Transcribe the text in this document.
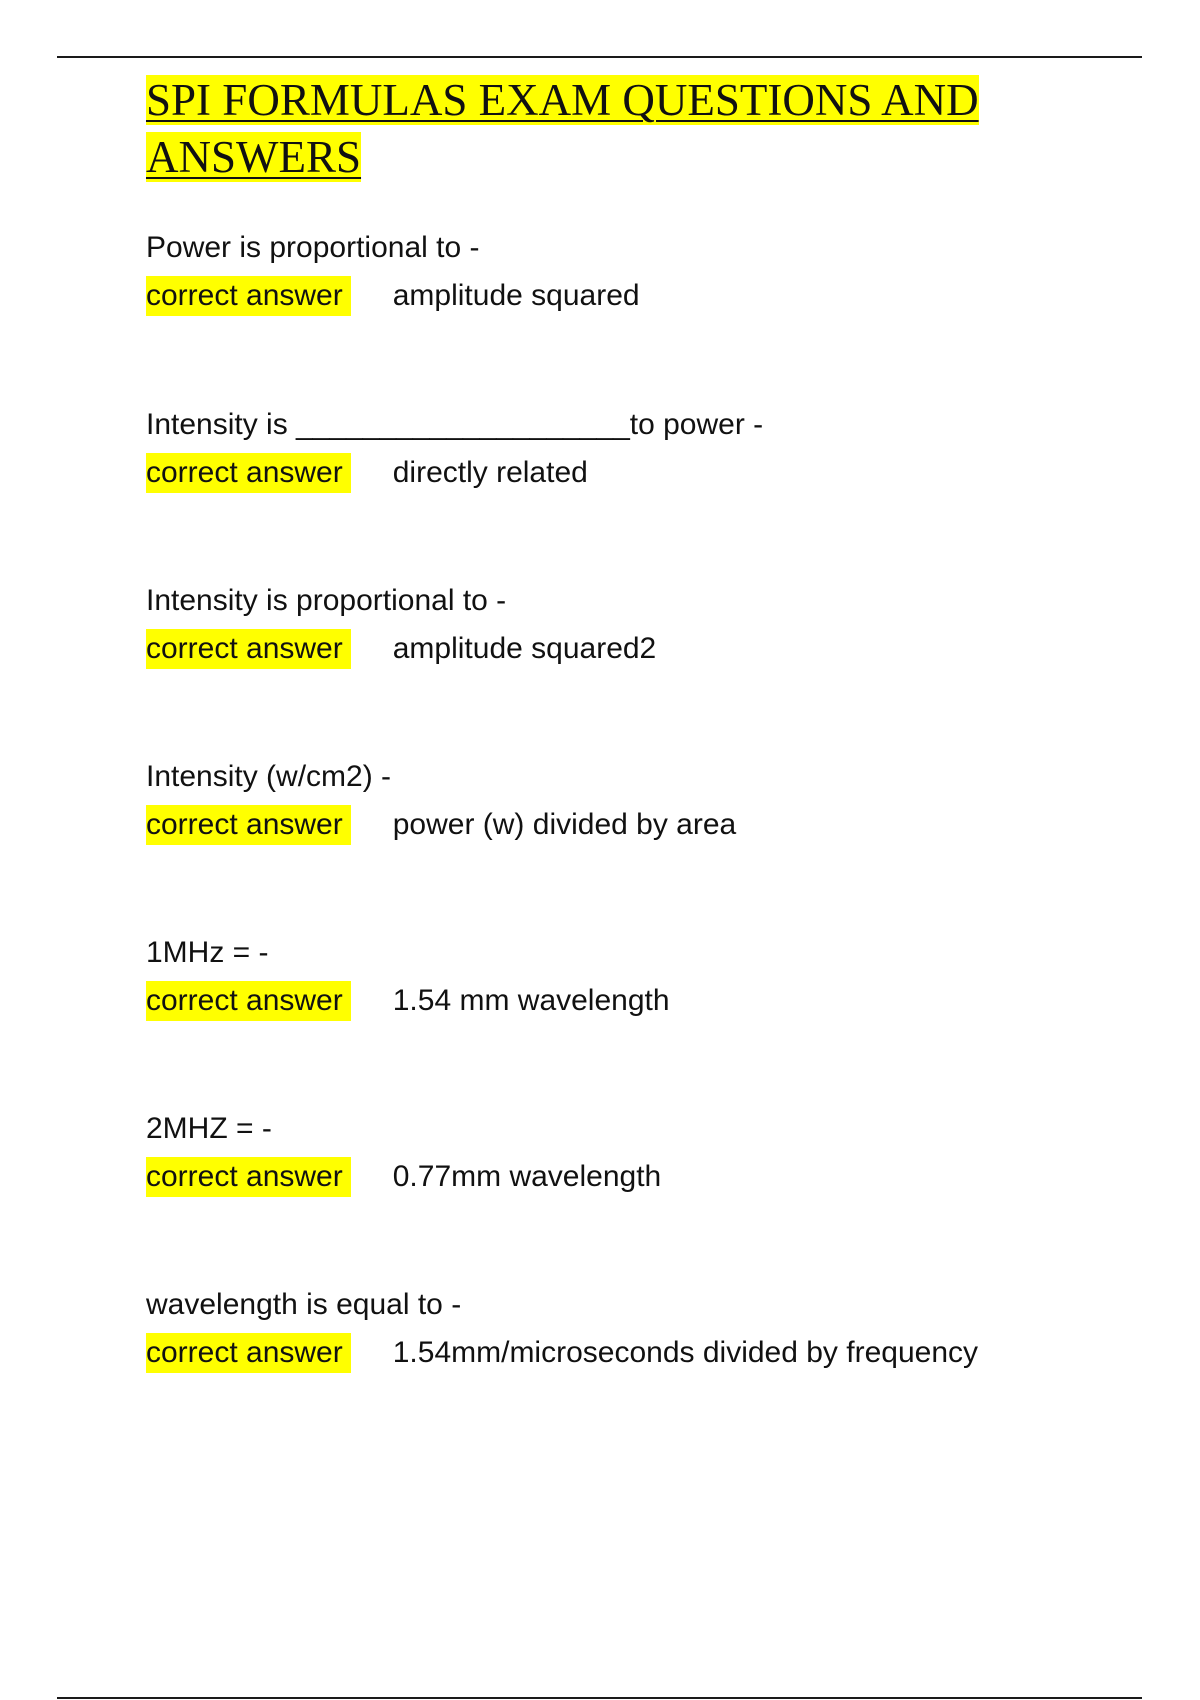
SPI FORMULAS EXAM QUESTIONS AND ANSWERS
Power is proportional to -
correct answer amplitude squared
Intensity is ____________________to power -
correct answer directly related
Intensity is proportional to -
correct answer amplitude squared2
Intensity (w/cm2) -
correct answer power (w) divided by area
1MHz = -
correct answer 1.54 mm wavelength
2MHZ = -
correct answer 0.77mm wavelength
wavelength is equal to -
correct answer 1.54mm/microseconds divided by frequency
